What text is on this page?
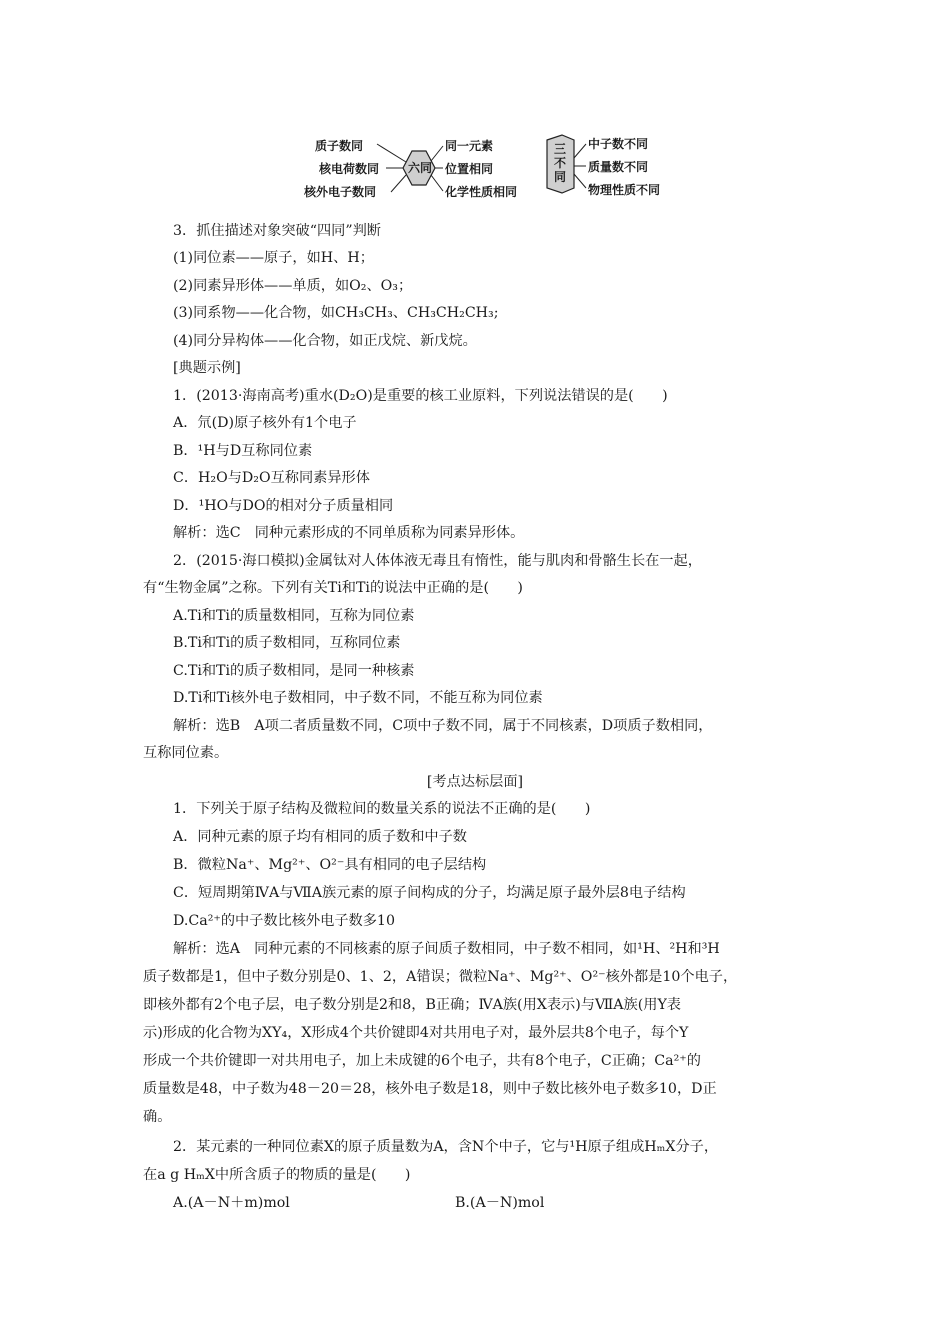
质子数同
核电荷数同
核外电子数同
六同
同一元素
位置相同
化学性质相同
三不同
中子数不同
质量数不同
物理性质不同
3．抓住描述对象突破“四同”判断
(1)同位素——原子，如H、H；
(2)同素异形体——单质，如O₂、O₃；
(3)同系物——化合物，如CH₃CH₃、CH₃CH₂CH₃;
(4)同分异构体——化合物，如正戊烷、新戊烷。
[典题示例]
1．(2013·海南高考)重水(D₂O)是重要的核工业原料，下列说法错误的是(　　)
A．氘(D)原子核外有1个电子
B．¹H与D互称同位素
C．H₂O与D₂O互称同素异形体
D．¹HO与DO的相对分子质量相同
解析：选C　同种元素形成的不同单质称为同素异形体。
2．(2015·海口模拟)金属钛对人体体液无毒且有惰性，能与肌肉和骨骼生长在一起，
有“生物金属”之称。下列有关Ti和Ti的说法中正确的是(　　)
A.Ti和Ti的质量数相同，互称为同位素
B.Ti和Ti的质子数相同，互称同位素
C.Ti和Ti的质子数相同，是同一种核素
D.Ti和Ti核外电子数相同，中子数不同，不能互称为同位素
解析：选B　A项二者质量数不同，C项中子数不同，属于不同核素，D项质子数相同，
互称同位素。
[考点达标层面]
1．下列关于原子结构及微粒间的数量关系的说法不正确的是(　　)
A．同种元素的原子均有相同的质子数和中子数
B．微粒Na⁺、Mg²⁺、O²⁻具有相同的电子层结构
C．短周期第ⅣA与ⅦA族元素的原子间构成的分子，均满足原子最外层8电子结构
D.Ca²⁺的中子数比核外电子数多10
解析：选A　同种元素的不同核素的原子间质子数相同，中子数不相同，如¹H、²H和³H
质子数都是1，但中子数分别是0、1、2，A错误；微粒Na⁺、Mg²⁺、O²⁻核外都是10个电子，
即核外都有2个电子层，电子数分别是2和8，B正确；ⅣA族(用X表示)与ⅦA族(用Y表
示)形成的化合物为XY₄，X形成4个共价键即4对共用电子对，最外层共8个电子，每个Y
形成一个共价键即一对共用电子，加上未成键的6个电子，共有8个电子，C正确；Ca²⁺的
质量数是48，中子数为48－20＝28，核外电子数是18，则中子数比核外电子数多10，D正
确。
2．某元素的一种同位素X的原子质量数为A，含N个中子，它与¹H原子组成HₘX分子，
在a g HₘX中所含质子的物质的量是(　　)
A.(A－N＋m)mol	B.(A－N)mol
